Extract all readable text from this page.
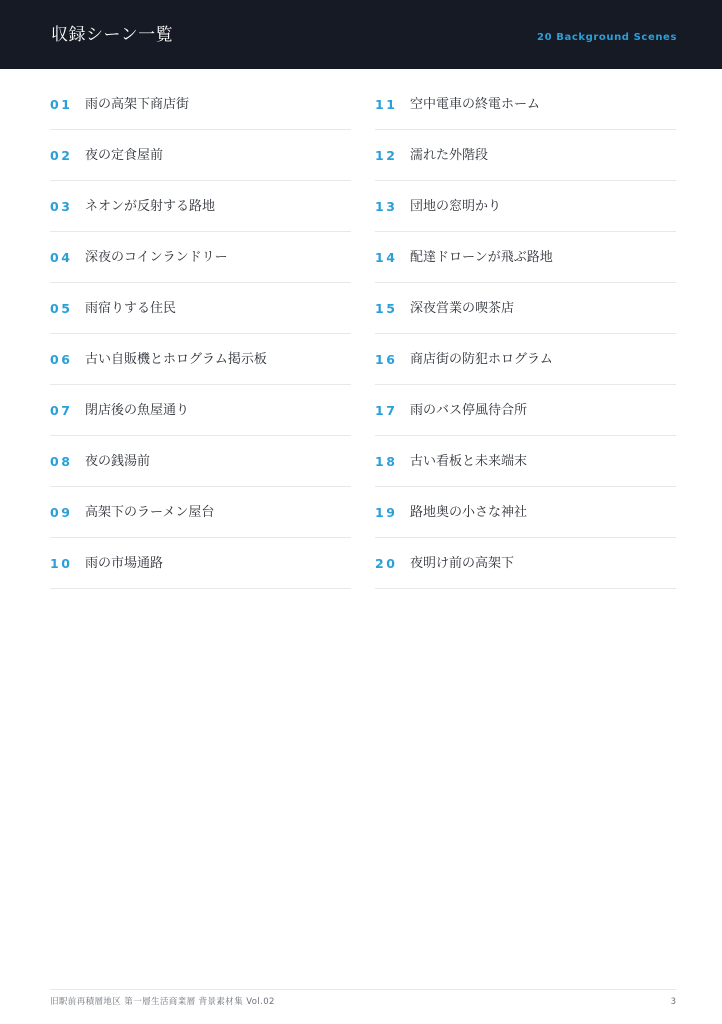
収録シーン一覧	20 Background Scenes
01 雨の高架下商店街
02 夜の定食屋前
03 ネオンが反射する路地
04 深夜のコインランドリー
05 雨宿りする住民
06 古い自販機とホログラム掲示板
07 閉店後の魚屋通り
08 夜の銭湯前
09 高架下のラーメン屋台
10 雨の市場通路
11 空中電車の終電ホーム
12 濡れた外階段
13 団地の窓明かり
14 配達ドローンが飛ぶ路地
15 深夜営業の喫茶店
16 商店街の防犯ホログラム
17 雨のバス停風待合所
18 古い看板と未来端末
19 路地奥の小さな神社
20 夜明け前の高架下
旧駅前再積層地区 第一層生活商業層 背景素材集 Vol.02	3
